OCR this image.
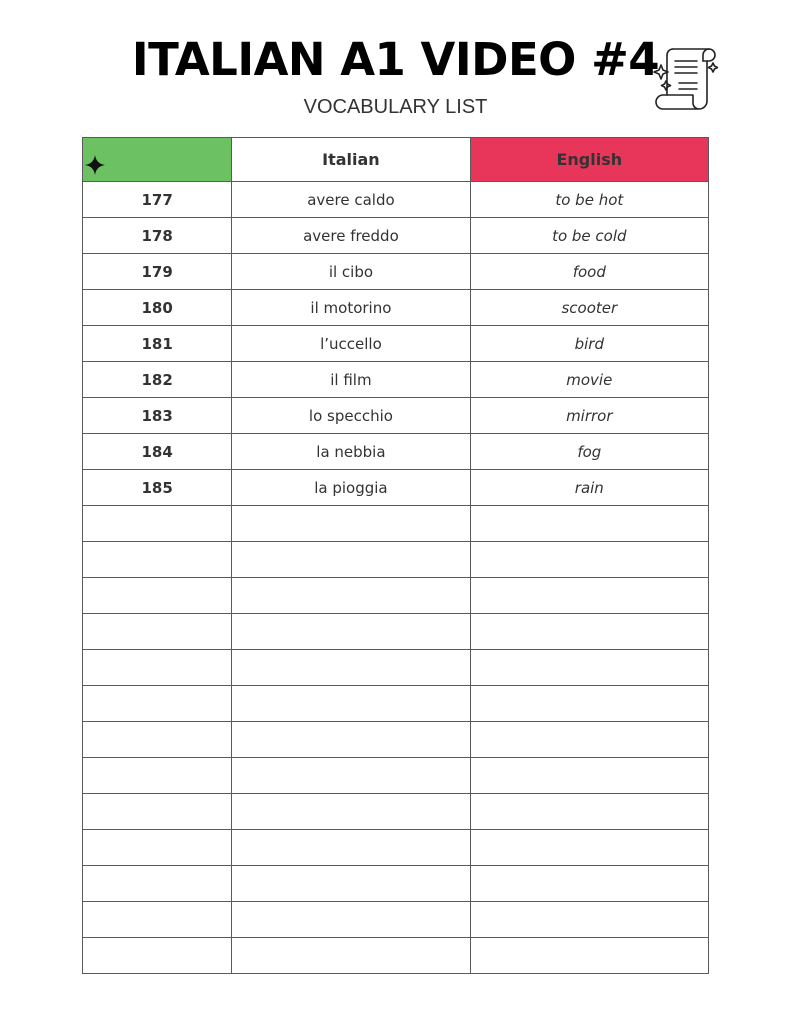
ITALIAN A1 VIDEO #4
VOCABULARY LIST
	Italian	English
177	avere caldo	to be hot
178	avere freddo	to be cold
179	il cibo	food
180	il motorino	scooter
181	l’uccello	bird
182	il film	movie
183	lo specchio	mirror
184	la nebbia	fog
185	la pioggia	rain
